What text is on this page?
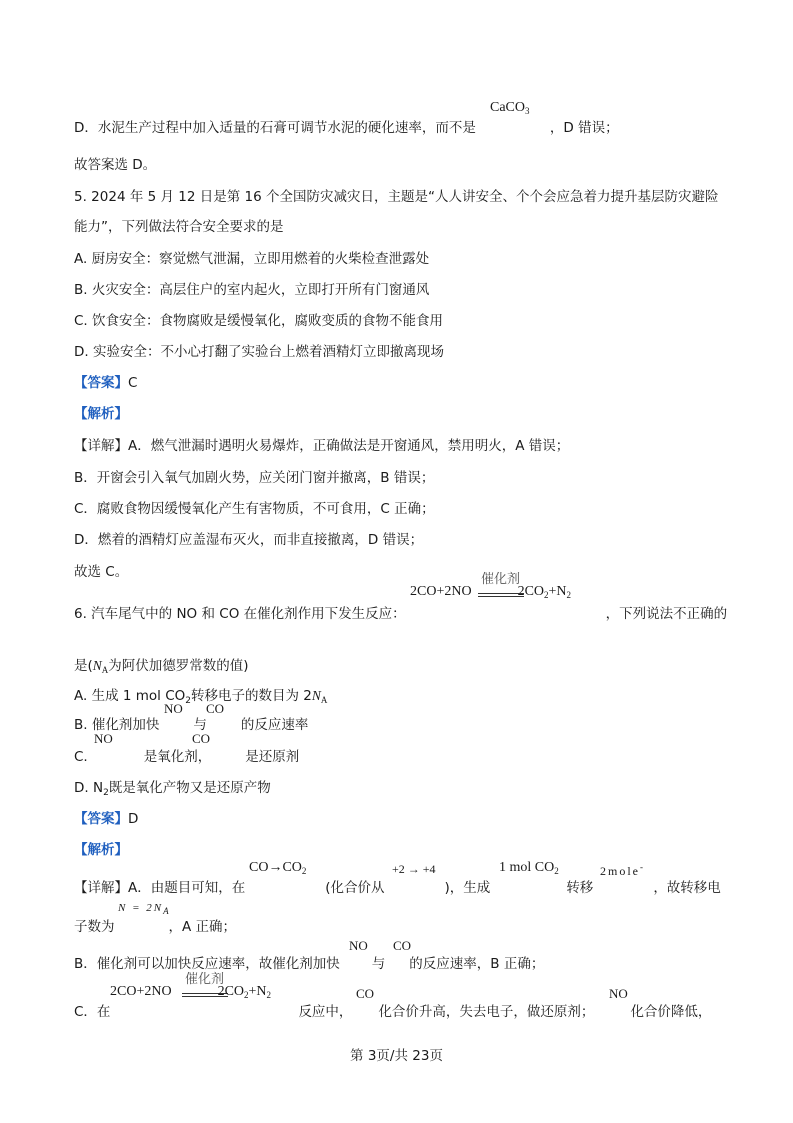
CaCO$_3$
D．水泥生产过程中加入适量的石膏可调节水泥的硬化速率，而不是	，D 错误；
故答案选 D。
5. 2024 年 5 月 12 日是第 16 个全国防灾减灾日，主题是“人人讲安全、个个会应急着力提升基层防灾避险
能力”，下列做法符合安全要求的是
A. 厨房安全：察觉燃气泄漏，立即用燃着的火柴检查泄露处
B. 火灾安全：高层住户的室内起火，立即打开所有门窗通风
C. 饮食安全：食物腐败是缓慢氧化，腐败变质的食物不能食用
D. 实验安全：不小心打翻了实验台上燃着酒精灯立即撤离现场
【答案】C
【解析】
【详解】A．燃气泄漏时遇明火易爆炸，正确做法是开窗通风，禁用明火，A 错误；
B．开窗会引入氧气加剧火势，应关闭门窗并撤离，B 错误；
C．腐败食物因缓慢氧化产生有害物质，不可食用，C 正确；
D．燃着的酒精灯应盖湿布灭火，而非直接撤离，D 错误；
故选 C。
2CO+2NO	$2CO_2+N_2$
催化剂
6. 汽车尾气中的 NO 和 CO 在催化剂作用下发生反应：	，下列说法不正确的
是($N_A$为阿伏加德罗常数的值)
A. 生成 1 mol $CO_2$转移电子的数目为 $2N_A$
NO CO
B. 催化剂加快	与	的反应速率
NO	CO
C.	是氧化剂，	是还原剂
D. $N_2$既是氧化产物又是还原产物
【答案】D
【解析】
$CO\to CO_2$	+2 → +4	1 mol $CO_2$	2mole-
【详解】A．由题目可知，在	(化合价从	)，生成	转移	，故转移电
$N = 2N_A$
子数为	，A 正确；
NO CO
B．催化剂可以加快反应速率，故催化剂加快 与 的反应速率，B 正确；
催化剂
2CO+2NO	$2CO_2+N_2$	CO	NO
C．在	反应中， 化合价升高，失去电子，做还原剂；	化合价降低，
第 3页/共 23页
